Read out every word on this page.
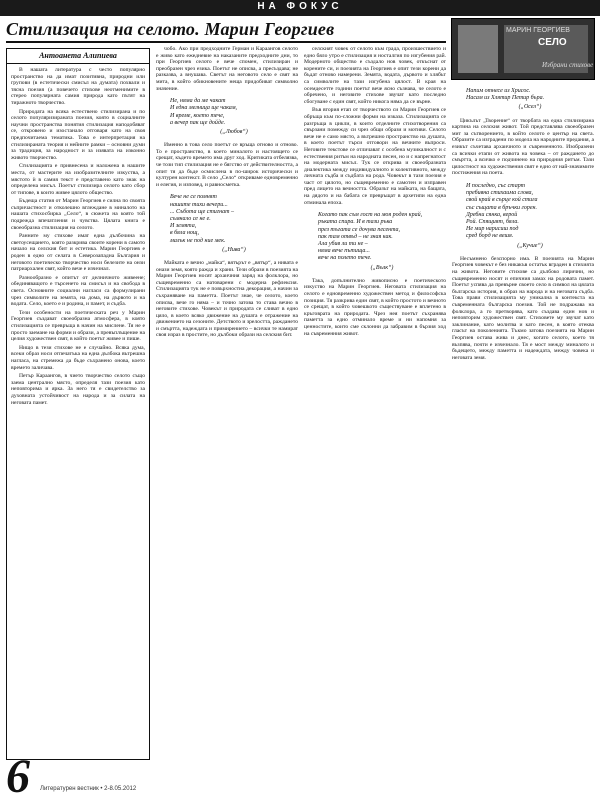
НА ФОКУС
Стилизация на селото. Марин Георгиев	МАРИН ГЕОРГИЕВ
СЕЛО
Избрани стихове
Антоанета Алипиева

В нашата литература с често популярно пространство на да имат позитивна, природни или групови (в естетически смисъл на думата) похвали и тясна поезия (а повечето стихове неотменимите в стерео популярната самия природа като пътят на тиражното творчество.

Природата на всяка естествено стилизирана и по селото популяризираната поезия, която в социалните научни пространства понятия стилизация наподобяват се, откровено и изостанало отговаря като на своя предпочитаема тематика. Това е интерпретация на стилизираната теория и нейните рамки – основни думи за традиция, за народност и за изявата на изконно живото творчество.

Стилизацията е привнесена и наложена в нашите места, от мастерите на изобразителните изкуства, а мястото ѝ в самия текст е представено като знак на определена мисъл. Поетът стилизира селото като сбор от типове, в които живее цялото общество.

Бъдеща статия от Марин Георгиев е силна по своята съпричастност и отколешно вглеждане в миналото на нашата стихосбирка „Село“, в сюжета на която той подрежда впечатления и чувства. Цялата книга е своеобразна стилизация на селото.

Ранните му стихове имат една дълбочина на светоусещането, която разкрива своите корени в самото начало на селския бит и естетика. Марин Георгиев е роден в едно от селата в Северозападна България и неговото поетическо творчество носи белезите на онзи патриархален свят, който вече е изчезнал.

Разнообразно е опитът от делничното живеене; обединяващото е търсенето на смисъл и на свобода в света. Основните социални нагласи са формулирани чрез символите на земята, на дома, на дървото и на водата. Село, което е и родина, и памет, и съдба.

Тези особености на поетическата реч у Марин Георгиев създават своеобразна атмосфера, в която стилизацията се превръща в начин на мислене. Тя не е просто заемане на форми и образи, а превъплъщение на целия художествен свят, в който поетът живее и пише.

Нищо в тези стихове не е случайно. Всяка дума, всеки образ носи отпечатъка на една дълбока вътрешна нагласа, на стремежа да бъде съхранено онова, което времето заличава.

Петър Караангов, в чието творчество селото също заема централно място, определя тази поезия като неповторима и ярка. За него тя е свидетелство за духовната устойчивост на народа и за силата на неговата памет.

чобо. Ако при предходните Герман и Караангов селото е живо като ежедневие на наказаните предходните дни, то при Георгиев селото е вече спомен, стилизиран и преобразен чрез езика. Поетът не описва, а пресъздава; не разказва, а внушава. Светът на неговото село е свят на мита, в който обикновените неща придобиват символно значение.

Не, няма да ме чакат
И една мелница ще чакам,
И време, което тече,
а вечер пак ще дойде.
(„Любов“)

Именно в това село поетът се връща отново и отново. То е пространство, в което миналото и настоящето се срещат, където времето има друг ход. Критиката отбелязва, че този тип стилизация не е бягство от действителността, а опит тя да бъде осмислена в по-широк исторически и културен контекст. В село „Село“ откриваме едновременно и елегия, и изповед, и равносметка.

Вече не се помнят
нашите тихи вечери...
... Събота ще стигнат –
съмнало се не е.
И земята,
в бяла нощ,
малък не под ние мек.
(„Нива“)

Майката е вечно „майка“, вятърът е „вятър“, а нивата е онази земя, която ражда и храни. Тези образи в поезията на Марин Георгиев носят архаичния заряд на фолклора, но същевременно са натоварени с модерна рефлексия. Стилизацията тук не е повърхностна декорация, а начин за съхраняване на паметта. Поетът знае, че селото, което описва, вече го няма – и точно затова то става вечно в неговите стихове. Човекът и природата се сливат в едно цяло, в което всяко движение на душата е отражение на движението на сезоните. Детството и зрелостта, раждането и смъртта, надеждата и примирението – всички те намират своя израз в простите, но дълбоки образи на селския бит.

селският човек от селото към града, произшествието и едно бяло утро е стилизация и носталгия по изгубения рай. Модерното общество е създало нов човек, откъснат от корените си, и поезията на Георгиев е опит тези корени да бъдат отново намерени. Земята, водата, дървото и хлябът са символите на тази изгубена цялост. В края на осемдесетте години поетът вече ясно съзнава, че селото е обречено, и неговите стихове звучат като последно сбогуване с един свят, който никога няма да се върне.

Във втория етап от творчеството си Марин Георгиев се обръща към по-сложни форми на изказа. Стилизацията се разгръща в цикли, в които отделните стихотворения са свързани помежду си чрез общи образи и мотиви. Селото вече не е само място, а вътрешно пространство на душата, в което поетът търси отговори на вечните въпроси. Неговите текстове се отличават с особена музикалност и с естествения ритъм на народната песен, но и с напрегнатост на модерната мисъл. Тук се открива и своеобразната диалектика между индивидуалното и колективното, между личната съдба и съдбата на рода. Човекът в тази поезия е част от цялото, но същевременно е самотен и изправен пред лицето на вечността. Образът на майката, на бащата, на дядото и на бабата се превръщат в архетипи на една отминала епоха.

Когато пак съм гост на моя роден край,
ръката спира. И в тази ръка
през тъгата се дочува песента,
пак там отвъд – не зная как.
Ала убив ли ти не –
няма вече пътища...
вече на полето тече.
(„Вълк“)

Така, допълнително живописно е поетическото изкуство на Марин Георгиев. Неговата стилизация на селото е едновременно художествен метод и философска позиция. Тя разкрива един свят, в който простото и вечното се срещат, в който човешкото съществуване е вплетено в кръговрата на природата. Чрез нея поетът съхранява паметта за едно отминало време и ни напомня за ценностите, които сме склонни да забравим в бързия ход на съвременния живот.

Напим отнесе из Хрисос.
Насам из Хлятир Петир бъра.
(„Осел“)

Цикълът „Творение“ от творбата на една стилизирана картина на селския живот. Той представлява своеобразен мит за сътворението, в който селото е център на света. Образите са изградени по модела на народните предания, а езикът съчетава архаичното и съвременното. Изобразени са всички етапи от живота на човека – от раждането до смъртта, а всичко е подчинено на природния ритъм. Тази цялостност на художествения свят е едно от най-значимите постижения на поета.

И последно, със старт
пребивна стихаима слова,
свой край в сърце кой стига
със същата в бръчки горен.
Дребни сянка, верой
Рой. Спящият, бяла.
Не мир нарисиш под
сред борд не вешя.
(„Кучие“)

Несъмнено безспорно има. В поезията на Марин Георгиев човекът е без никакъв остатък вграден в стихията на живота. Неговите стихове са дълбоко лирични, но същевременно носят и епичния замах на родовата памет. Поетът успява да превърне своето село в символ на цялата българска история, в образ на народа и на неговата съдба. Това прави стилизацията му уникална в контекста на съвременната българска поезия. Той не подражава на фолклора, а го претворява, като създава един нов и неповторим художествен свят. Стиховете му звучат като заклинание, като молитва и като песен, в която отеква гласът на поколенията. Тъкмо затова поезията на Марин Георгиев остава жива и днес, когато селото, което тя възпява, почти е изчезнало. Тя е мост между миналото и бъдещето, между паметта и надеждата, между човека и неговата земя.

6 Литературен вестник • 2-8.05.2012
